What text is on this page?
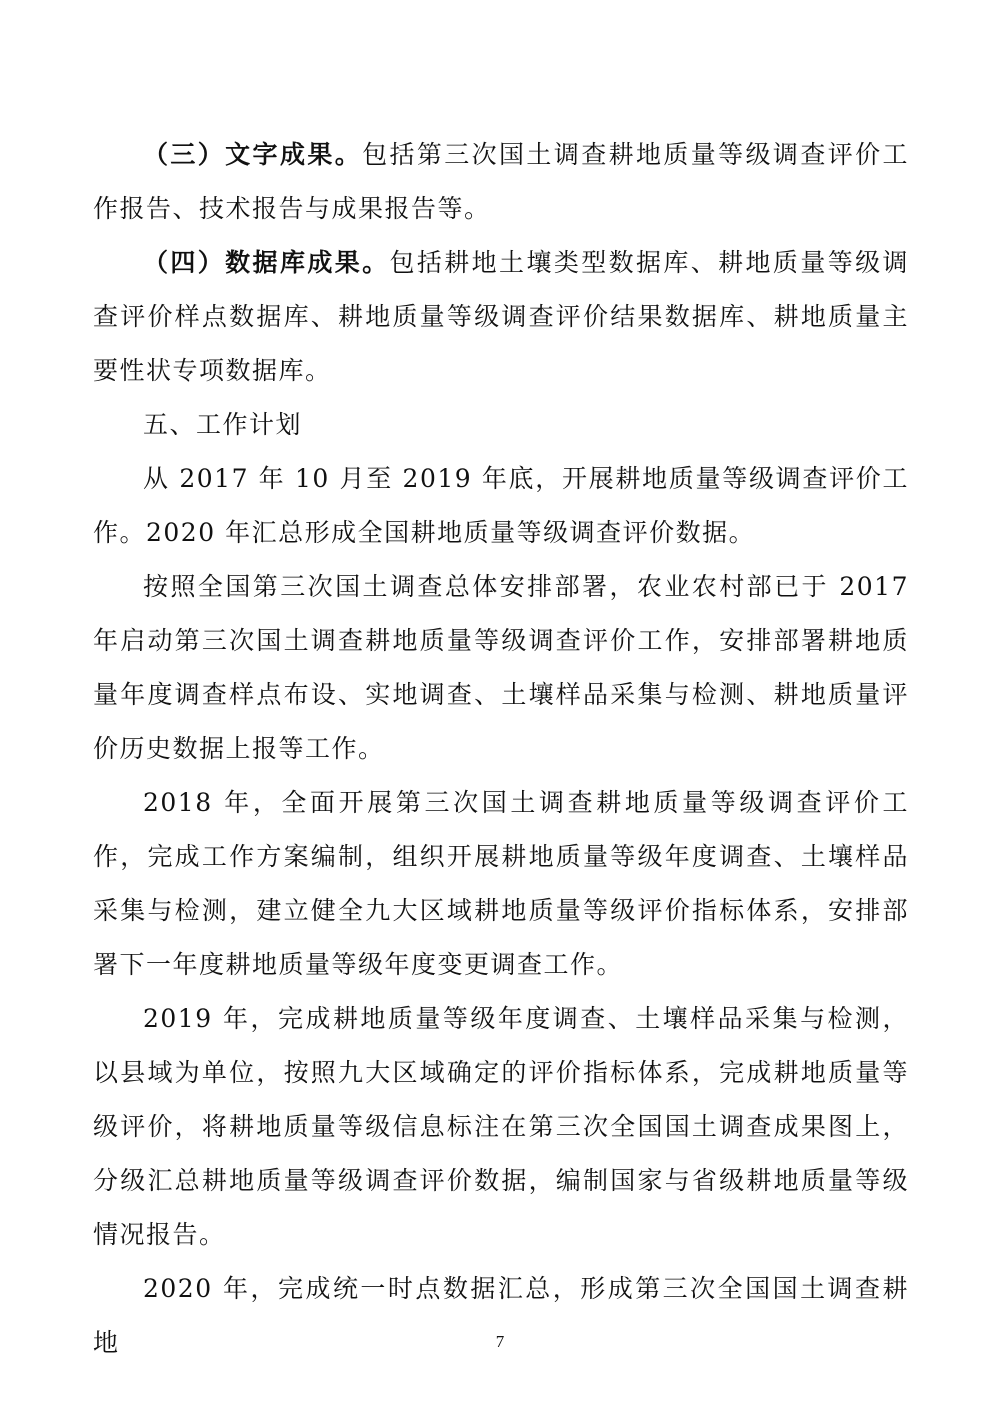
（三）文字成果。包括第三次国土调查耕地质量等级调查评价工作报告、技术报告与成果报告等。

（四）数据库成果。包括耕地土壤类型数据库、耕地质量等级调查评价样点数据库、耕地质量等级调查评价结果数据库、耕地质量主要性状专项数据库。

五、工作计划

从 2017 年 10 月至 2019 年底，开展耕地质量等级调查评价工作。2020 年汇总形成全国耕地质量等级调查评价数据。

按照全国第三次国土调查总体安排部署，农业农村部已于 2017 年启动第三次国土调查耕地质量等级调查评价工作，安排部署耕地质量年度调查样点布设、实地调查、土壤样品采集与检测、耕地质量评价历史数据上报等工作。

2018 年，全面开展第三次国土调查耕地质量等级调查评价工作，完成工作方案编制，组织开展耕地质量等级年度调查、土壤样品采集与检测，建立健全九大区域耕地质量等级评价指标体系，安排部署下一年度耕地质量等级年度变更调查工作。

2019 年，完成耕地质量等级年度调查、土壤样品采集与检测，以县域为单位，按照九大区域确定的评价指标体系，完成耕地质量等级评价，将耕地质量等级信息标注在第三次全国国土调查成果图上，分级汇总耕地质量等级调查评价数据，编制国家与省级耕地质量等级情况报告。

2020 年，完成统一时点数据汇总，形成第三次全国国土调查耕地	7
